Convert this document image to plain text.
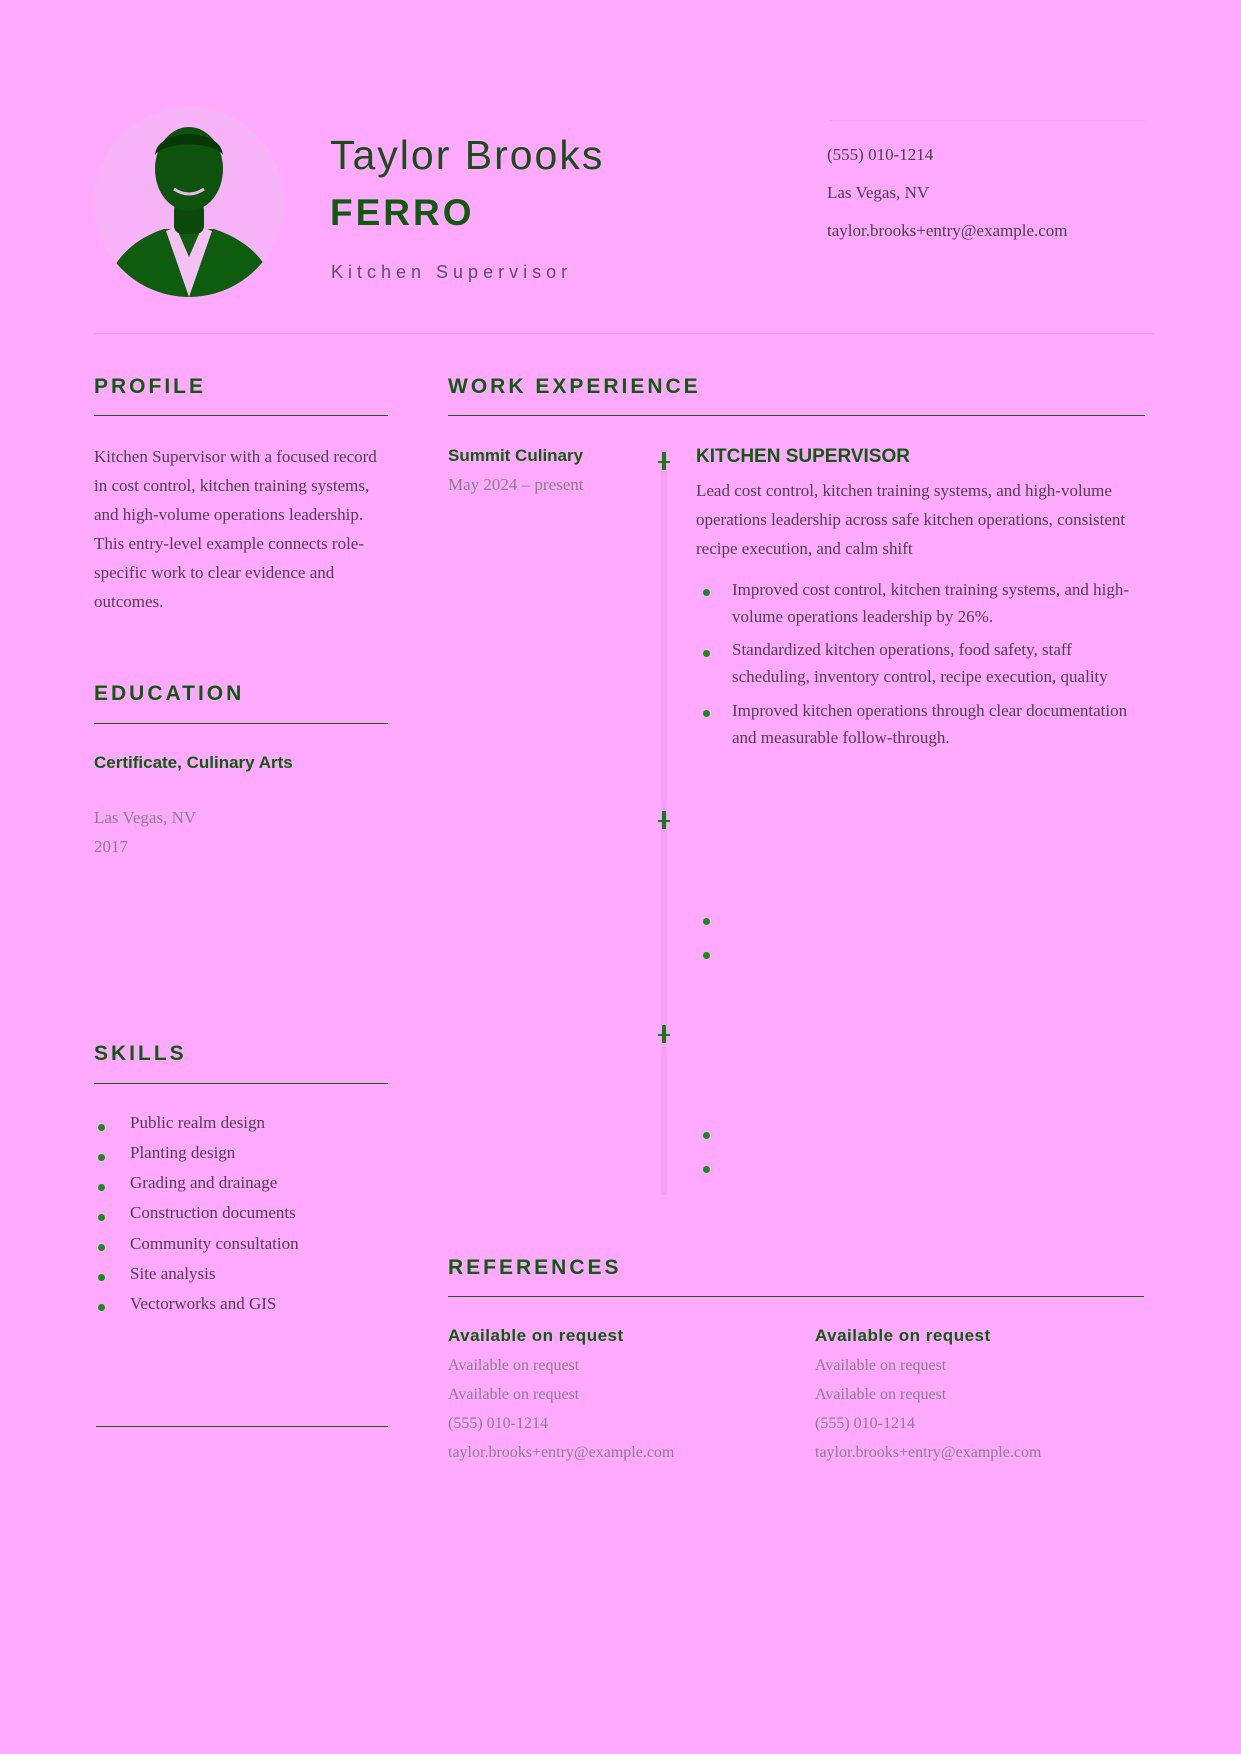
Taylor Brooks
FERRO
Kitchen Supervisor
(555) 010-1214
Las Vegas, NV
taylor.brooks+entry@example.com
PROFILE
Kitchen Supervisor with a focused record in cost control, kitchen training systems, and high-volume operations leadership. This entry-level example connects role-specific work to clear evidence and outcomes.
EDUCATION
Certificate, Culinary Arts
Las Vegas, NV
2017
SKILLS
Public realm design
Planting design
Grading and drainage
Construction documents
Community consultation
Site analysis
Vectorworks and GIS
WORK EXPERIENCE
Summit Culinary
May 2024 – present
KITCHEN SUPERVISOR
Lead cost control, kitchen training systems, and high-volume operations leadership across safe kitchen operations, consistent recipe execution, and calm shift
Improved cost control, kitchen training systems, and high-volume operations leadership by 26%.
Standardized kitchen operations, food safety, staff scheduling, inventory control, recipe execution, quality
Improved kitchen operations through clear documentation and measurable follow-through.
REFERENCES
Available on request
Available on request
Available on request
(555) 010-1214
taylor.brooks+entry@example.com
Available on request
Available on request
Available on request
(555) 010-1214
taylor.brooks+entry@example.com
